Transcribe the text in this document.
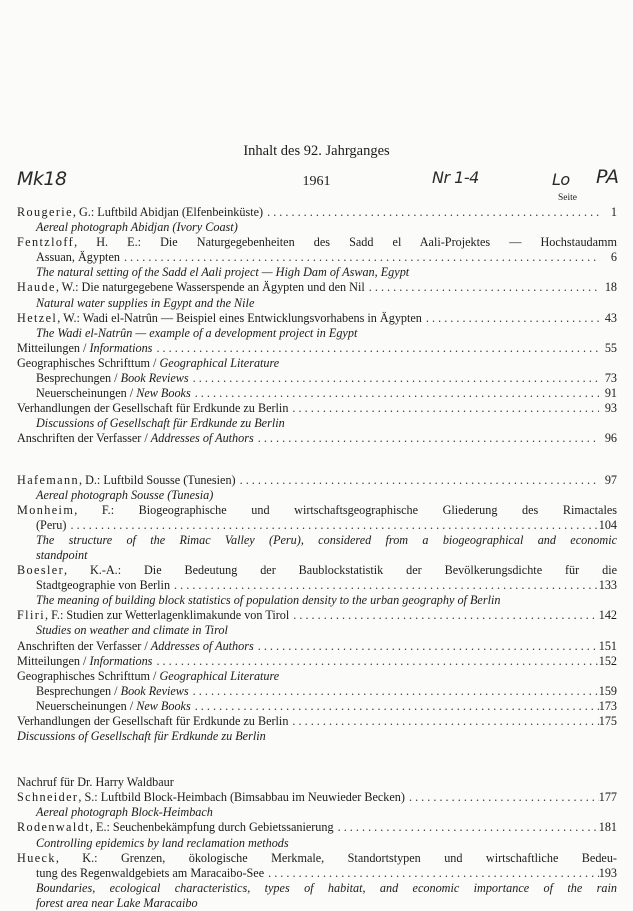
Inhalt des 92. Jahrganges
Mk18	Nr 1-4	Lo PA
1961
Seite
Rougerie, G.: Luftbild Abidjan (Elfenbeinküste) . . .	1
Aereal photograph Abidjan (Ivory Coast)
Fentzloff, H. E.: Die Naturgegebenheiten des Sadd el Aali-Projektes — Hochstaudamm
Assuan, Ägypten . . .	6
The natural setting of the Sadd el Aali project — High Dam of Aswan, Egypt
Haude, W.: Die naturgegebene Wasserspende an Ägypten und den Nil . . .	18
Natural water supplies in Egypt and the Nile
Hetzel, W.: Wadi el-Natrûn — Beispiel eines Entwicklungsvorhabens in Ägypten . . .	43
The Wadi el-Natrûn — example of a development project in Egypt
Mitteilungen / Informations . . .	55
Geographisches Schrifttum / Geographical Literature
Besprechungen / Book Reviews . . .	73
Neuerscheinungen / New Books . . .	91
Verhandlungen der Gesellschaft für Erdkunde zu Berlin . . .	93
Discussions of Gesellschaft für Erdkunde zu Berlin
Anschriften der Verfasser / Addresses of Authors . . .	96
Hafemann, D.: Luftbild Sousse (Tunesien) . . .	97
Aereal photograph Sousse (Tunesia)
Monheim, F.: Biogeographische und wirtschaftsgeographische Gliederung des Rimactales
(Peru) . . .	104
The structure of the Rimac Valley (Peru), considered from a biogeographical and economic
standpoint
Boesler, K.-A.: Die Bedeutung der Baublockstatistik der Bevölkerungsdichte für die
Stadtgeographie von Berlin . . .	133
The meaning of building block statistics of population density to the urban geography of Berlin
Fliri, F.: Studien zur Wetterlagenklimakunde von Tirol . . .	142
Studies on weather and climate in Tirol
Anschriften der Verfasser / Addresses of Authors . . .	151
Mitteilungen / Informations . . .	152
Geographisches Schrifttum / Geographical Literature
Besprechungen / Book Reviews . . .	159
Neuerscheinungen / New Books . . .	173
Verhandlungen der Gesellschaft für Erdkunde zu Berlin . . .	175
Discussions of Gesellschaft für Erdkunde zu Berlin
Nachruf für Dr. Harry Waldbaur
Schneider, S.: Luftbild Block-Heimbach (Bimsabbau im Neuwieder Becken) . . .	177
Aereal photograph Block-Heimbach
Rodenwaldt, E.: Seuchenbekämpfung durch Gebietssanierung . . .	181
Controlling epidemics by land reclamation methods
Hueck, K.: Grenzen, ökologische Merkmale, Standortstypen und wirtschaftliche Bedeu-
tung des Regenwaldgebiets am Maracaibo-See . . .	193
Boundaries, ecological characteristics, types of habitat, and economic importance of the rain
forest area near Lake Maracaibo
